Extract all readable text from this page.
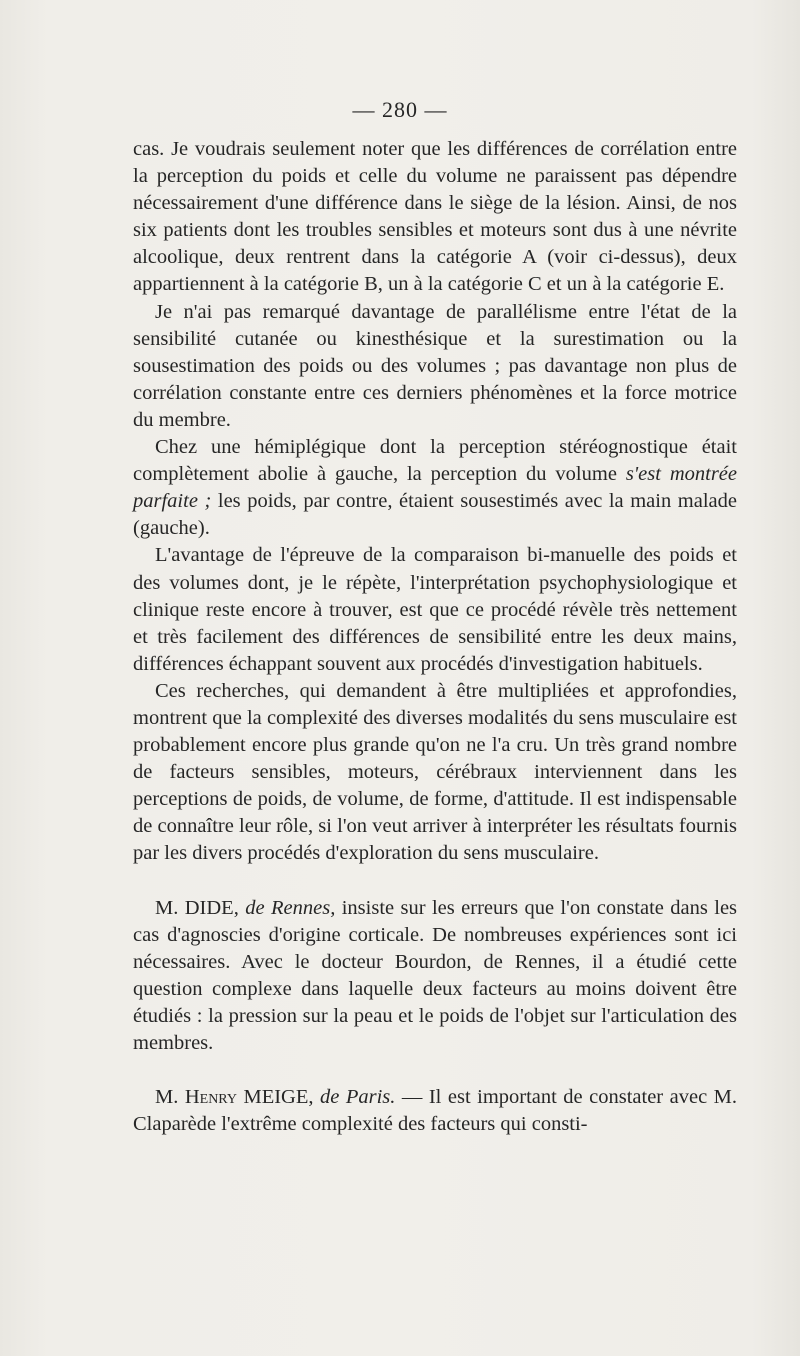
— 280 —

cas. Je voudrais seulement noter que les différences de corrélation entre la perception du poids et celle du volume ne paraissent pas dépendre nécessairement d'une différence dans le siège de la lésion. Ainsi, de nos six patients dont les troubles sensibles et moteurs sont dus à une névrite alcoolique, deux rentrent dans la catégorie A (voir ci-dessus), deux appartiennent à la catégorie B, un à la catégorie C et un à la catégorie E.

Je n'ai pas remarqué davantage de parallélisme entre l'état de la sensibilité cutanée ou kinesthésique et la surestimation ou la sousestimation des poids ou des volumes ; pas davantage non plus de corrélation constante entre ces derniers phénomènes et la force motrice du membre.

Chez une hémiplégique dont la perception stéréognostique était complètement abolie à gauche, la perception du volume s'est montrée parfaite ; les poids, par contre, étaient sousestimés avec la main malade (gauche).

L'avantage de l'épreuve de la comparaison bi-manuelle des poids et des volumes dont, je le répète, l'interprétation psychophysiologique et clinique reste encore à trouver, est que ce procédé révèle très nettement et très facilement des différences de sensibilité entre les deux mains, différences échappant souvent aux procédés d'investigation habituels.

Ces recherches, qui demandent à être multipliées et approfondies, montrent que la complexité des diverses modalités du sens musculaire est probablement encore plus grande qu'on ne l'a cru. Un très grand nombre de facteurs sensibles, moteurs, cérébraux interviennent dans les perceptions de poids, de volume, de forme, d'attitude. Il est indispensable de connaître leur rôle, si l'on veut arriver à interpréter les résultats fournis par les divers procédés d'exploration du sens musculaire.

M. DIDE, de Rennes, insiste sur les erreurs que l'on constate dans les cas d'agnoscies d'origine corticale. De nombreuses expériences sont ici nécessaires. Avec le docteur Bourdon, de Rennes, il a étudié cette question complexe dans laquelle deux facteurs au moins doivent être étudiés : la pression sur la peau et le poids de l'objet sur l'articulation des membres.

M. Henry MEIGE, de Paris. — Il est important de constater avec M. Claparède l'extrême complexité des facteurs qui consti-
